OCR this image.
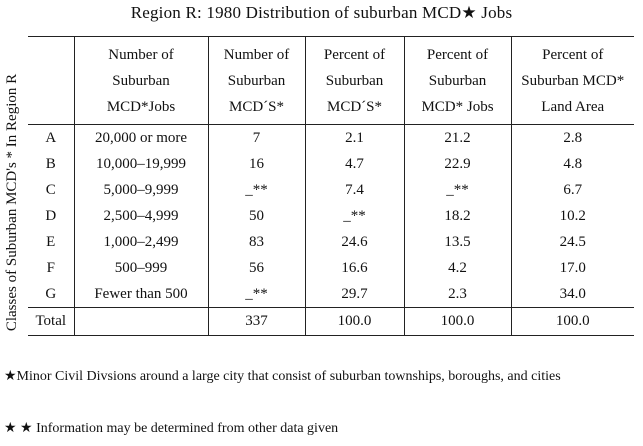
Region R: 1980 Distribution of suburban MCD★ Jobs
Classes of Suburban MCD's * In Region R

	Number of
Suburban
MCD*Jobs	Number of
Suburban
MCD´S*	Percent of
Suburban
MCD´S*	Percent of
Suburban
MCD* Jobs	Percent of
Suburban MCD*
Land Area

A	20,000 or more	7	2.1	21.2	2.8
B	10,000–19,999	16	4.7	22.9	4.8
C	5,000–9,999	_**	7.4	_**	6.7
D	2,500–4,999	50	_**	18.2	10.2
E	1,000–2,499	83	24.6	13.5	24.5
F	500–999	56	16.6	4.2	17.0
G	Fewer than 500	_**	29.7	2.3	34.0
Total		337	100.0	100.0	100.0
★Minor Civil Divsions around a large city that consist of suburban townships, boroughs, and cities
★ ★ Information may be determined from other data given
